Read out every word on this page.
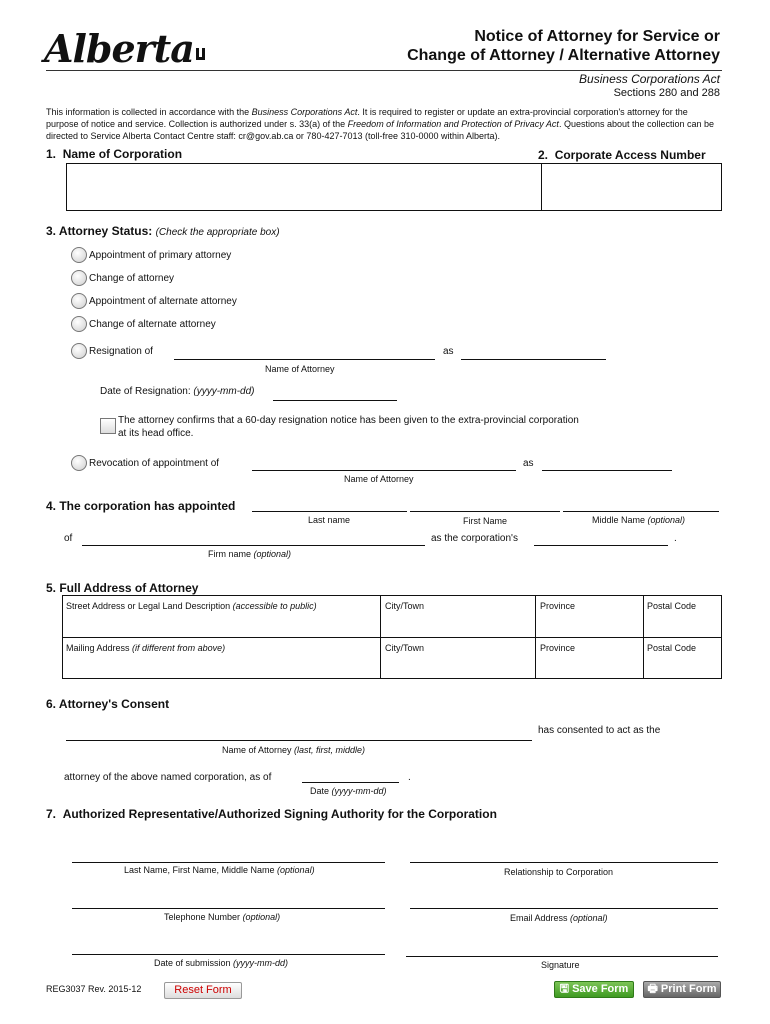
Alberta	Notice of Attorney for Service or
Change of Attorney / Alternative Attorney
Business Corporations Act
Sections 280 and 288
This information is collected in accordance with the Business Corporations Act. It is required to register or update an extra-provincial corporation's attorney for the purpose of notice and service. Collection is authorized under s. 33(a) of the Freedom of Information and Protection of Privacy Act. Questions about the collection can be directed to Service Alberta Contact Centre staff: cr@gov.ab.ca or 780-427-7013 (toll-free 310-0000 within Alberta).
1. Name of Corporation	2. Corporate Access Number
3. Attorney Status: (Check the appropriate box)
Appointment of primary attorney
Change of attorney
Appointment of alternate attorney
Change of alternate attorney
Resignation of	as
Name of Attorney
Date of Resignation: (yyyy-mm-dd)
The attorney confirms that a 60-day resignation notice has been given to the extra-provincial corporation at its head office.
Revocation of appointment of	as
Name of Attorney
4. The corporation has appointed
Last name	First Name	Middle Name (optional)
of	as the corporation's	.
Firm name (optional)
5. Full Address of Attorney
Street Address or Legal Land Description (accessible to public)	City/Town	Province	Postal Code
Mailing Address (if different from above)	City/Town	Province	Postal Code
6. Attorney's Consent
has consented to act as the
Name of Attorney (last, first, middle)
attorney of the above named corporation, as of	.
Date (yyyy-mm-dd)
7. Authorized Representative/Authorized Signing Authority for the Corporation
Last Name, First Name, Middle Name (optional)	Relationship to Corporation
Telephone Number (optional)	Email Address (optional)
Date of submission (yyyy-mm-dd)	Signature
REG3037 Rev. 2015-12	Reset Form	🖫 Save Form	🖶 Print Form
